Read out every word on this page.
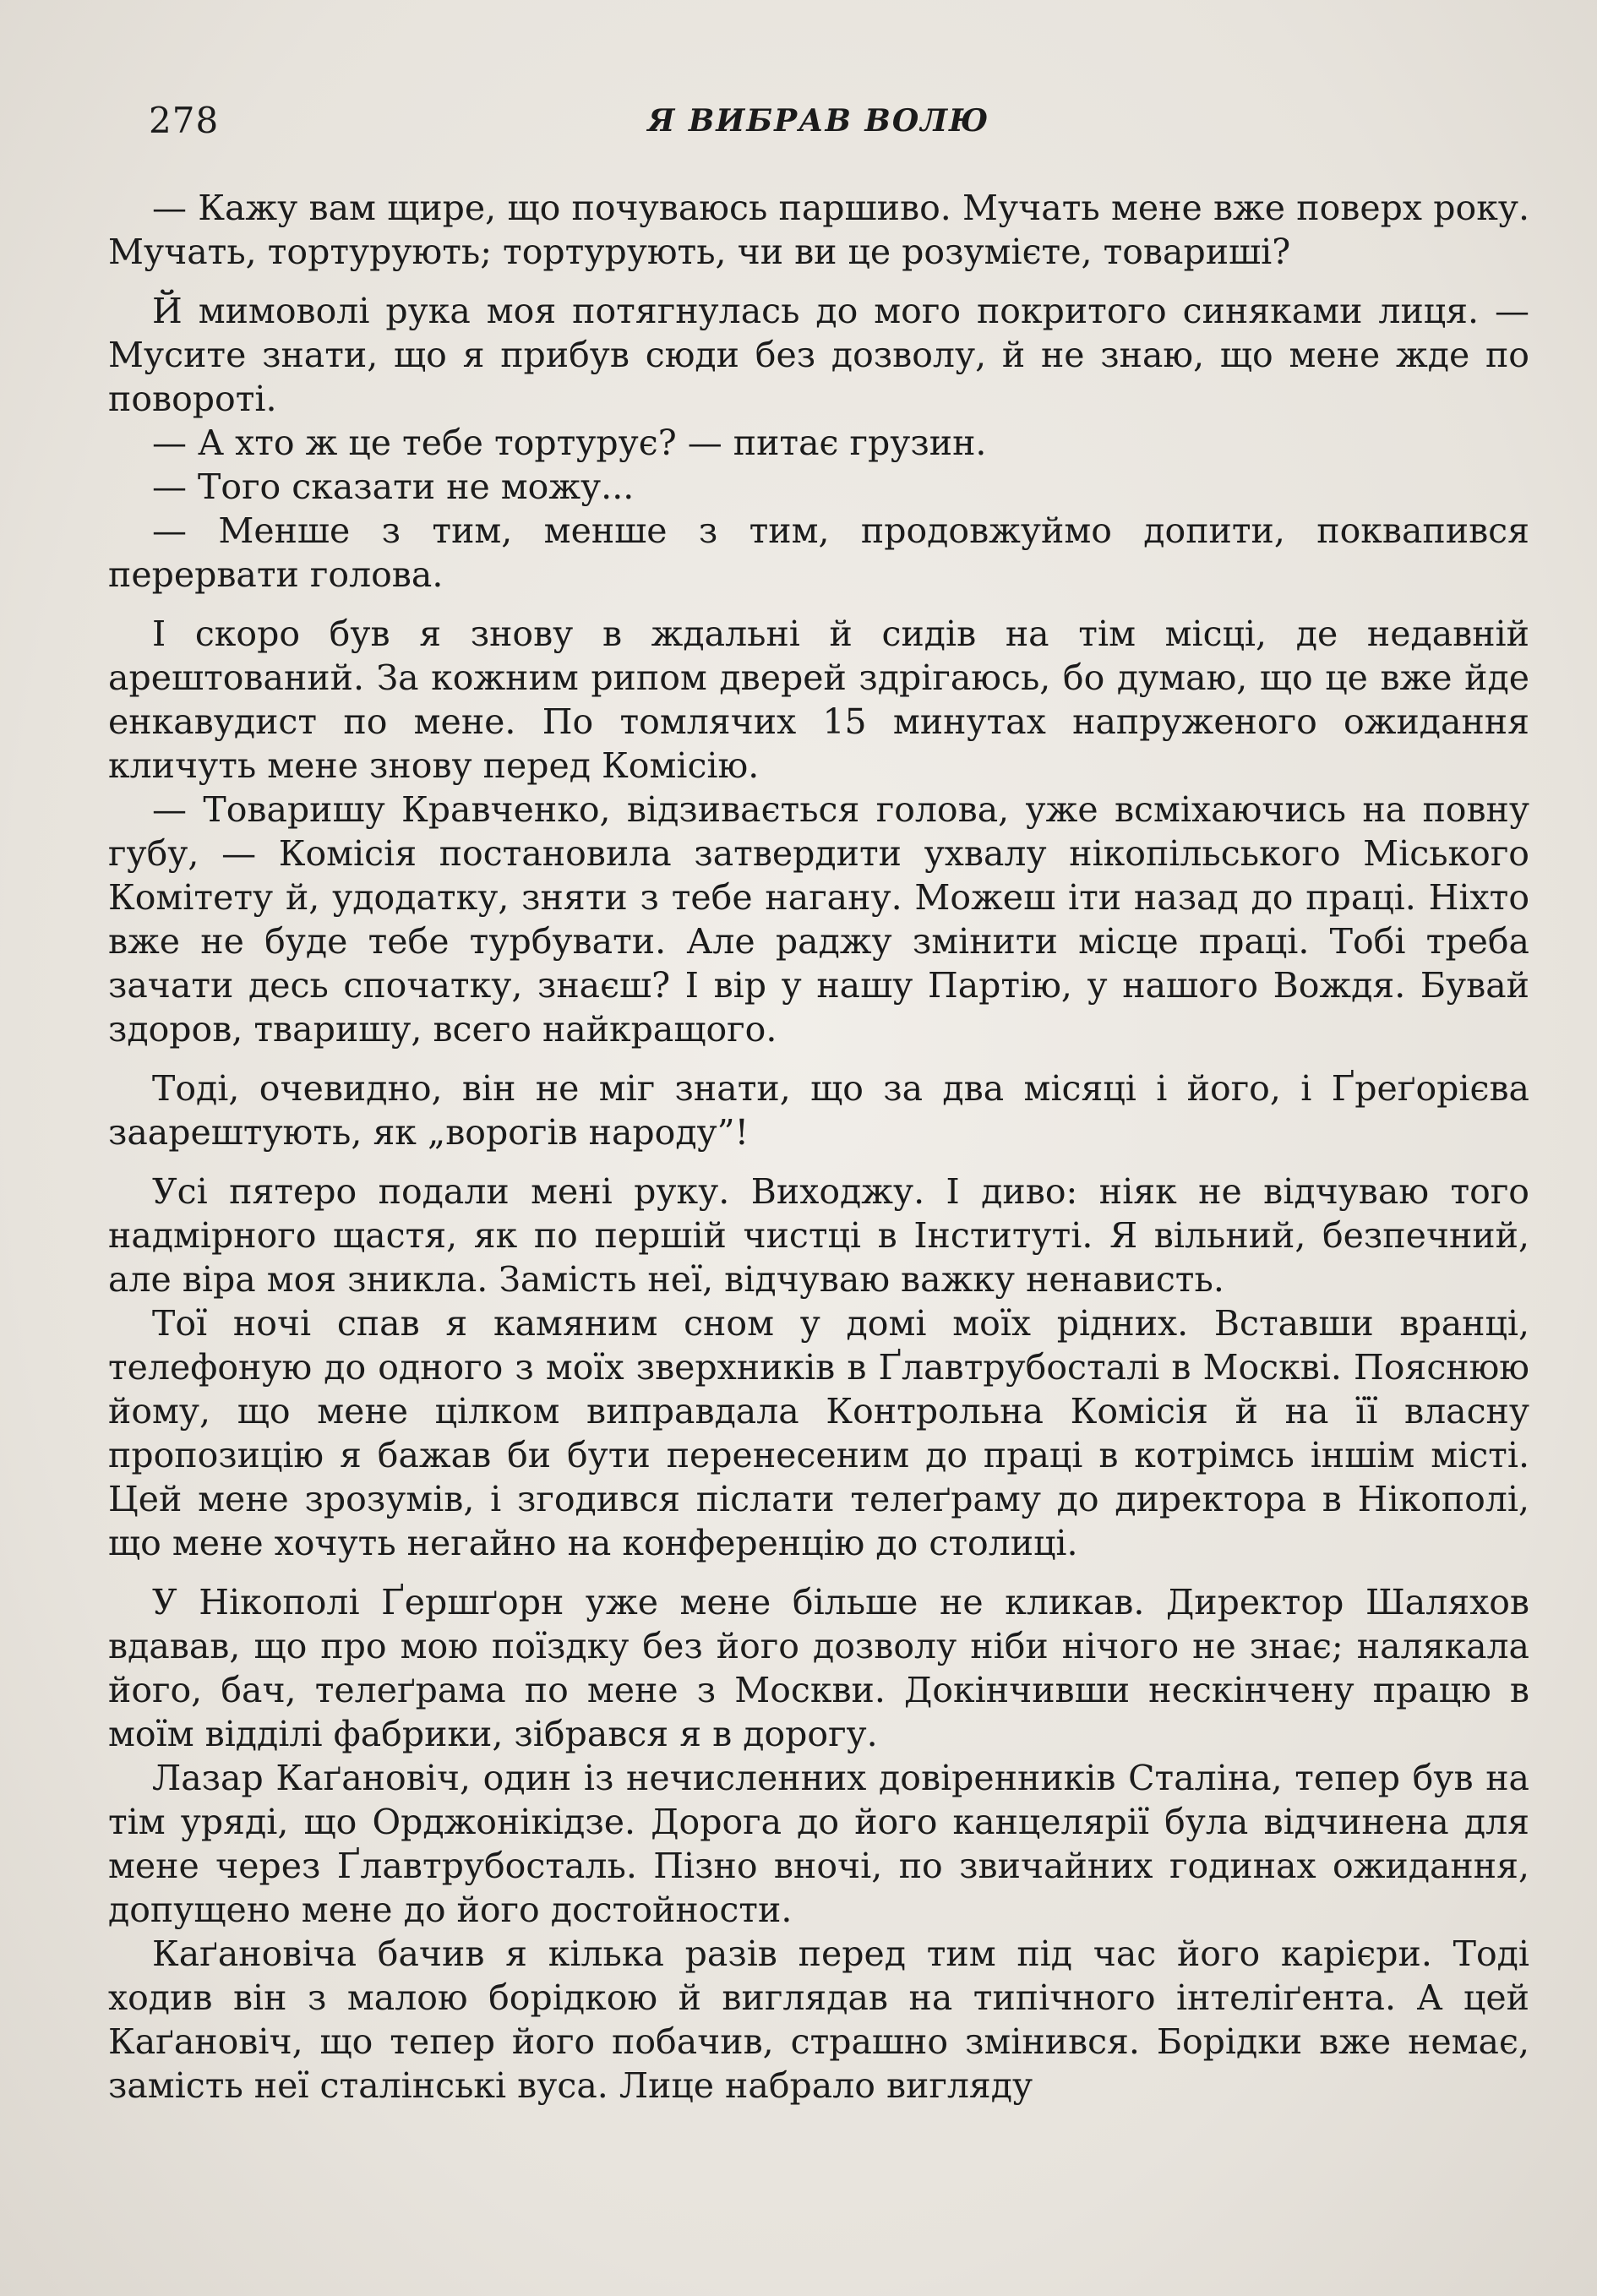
278	Я ВИБРАВ ВОЛЮ

— Кажу вам щире, що почуваюсь паршиво. Мучать мене вже поверх року. Мучать, тортурують; тортурують, чи ви це розумієте, товариші?

Й мимоволі рука моя потягнулась до мого покритого синяками лиця. — Мусите знати, що я прибув сюди без дозволу, й не знаю, що мене жде по повороті.

— А хто ж це тебе тортурує? — питає грузин.

— Того сказати не можу...

— Менше з тим, менше з тим, продовжуймо допити, поквапився перервати голова.

І скоро був я знову в ждальні й сидів на тім місці, де недавній арештований. За кожним рипом дверей здрігаюсь, бо думаю, що це вже йде енкавудист по мене. По томлячих 15 минутах напруженого ожидання кличуть мене знову перед Комісію.

— Товаришу Кравченко, відзивається голова, уже всміхаючись на повну губу, — Комісія постановила затвердити ухвалу нікопільського Міського Комітету й, удодатку, зняти з тебе нагану. Можеш іти назад до праці. Ніхто вже не буде тебе турбувати. Але раджу змінити місце праці. Тобі треба зачати десь спочатку, знаєш? І вір у нашу Партію, у нашого Вождя. Бувай здоров, тваришу, всего найкращого.

Тоді, очевидно, він не міг знати, що за два місяці і його, і Ґреґорієва заарештують, як „ворогів народу”!

Усі пятеро подали мені руку. Виходжу. І диво: ніяк не відчуваю того надмірного щастя, як по першій чистці в Інституті. Я вільний, безпечний, але віра моя зникла. Замість неї, відчуваю важку ненависть.

Тої ночі спав я камяним сном у домі моїх рідних. Вставши вранці, телефоную до одного з моїх зверхників в Ґлавтрубосталі в Москві. Пояснюю йому, що мене цілком виправдала Контрольна Комісія й на її власну пропозицію я бажав би бути перенесеним до праці в котрімсь іншім місті. Цей мене зрозумів, і згодився післати телеґраму до директора в Нікополі, що мене хочуть негайно на конференцію до столиці.

У Нікополі Ґершґорн уже мене більше не кликав. Директор Шаляхов вдавав, що про мою поїздку без його дозволу ніби нічого не знає; налякала його, бач, телеґрама по мене з Москви. Докінчивши нескінчену працю в моїм відділі фабрики, зібрався я в дорогу.

Лазар Каґановіч, один із нечисленних довіренників Сталіна, тепер був на тім уряді, що Орджонікідзе. Дорога до його канцелярії була відчинена для мене через Ґлавтрубосталь. Пізно вночі, по звичайних годинах ожидання, допущено мене до його достойности.

Каґановіча бачив я кілька разів перед тим під час його карієри. Тоді ходив він з малою борідкою й виглядав на типічного інтеліґента. А цей Каґановіч, що тепер його побачив, страшно змінився. Борідки вже немає, замість неї сталінські вуса. Лице набрало вигляду
